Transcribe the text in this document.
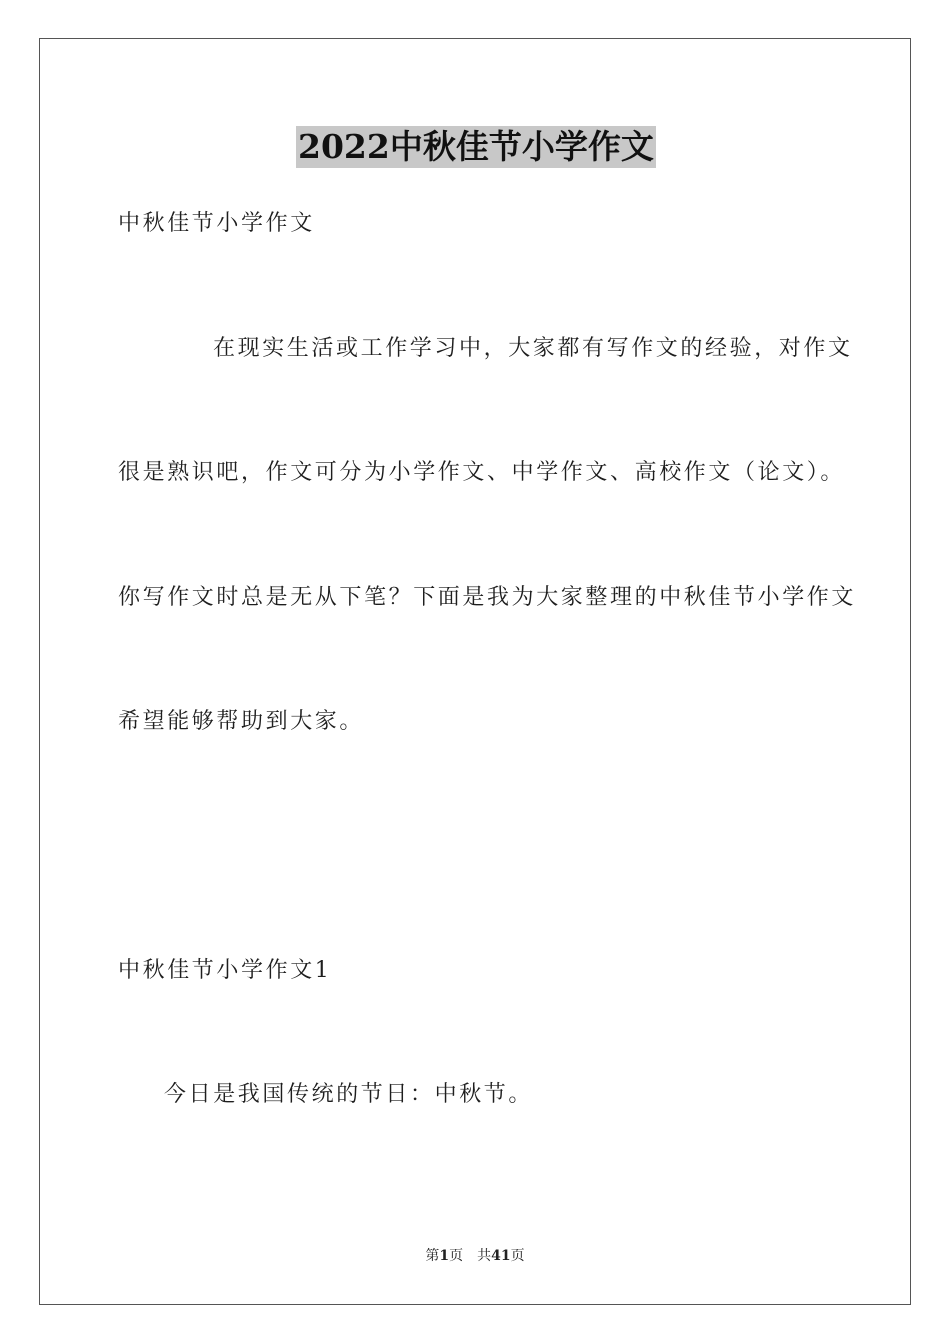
2022中秋佳节小学作文
中秋佳节小学作文
在现实生活或工作学习中，大家都有写作文的经验，对作文
很是熟识吧，作文可分为小学作文、中学作文、高校作文（论文）。
你写作文时总是无从下笔？下面是我为大家整理的中秋佳节小学作文
希望能够帮助到大家。
中秋佳节小学作文1
今日是我国传统的节日：中秋节。
第1页 共41页
